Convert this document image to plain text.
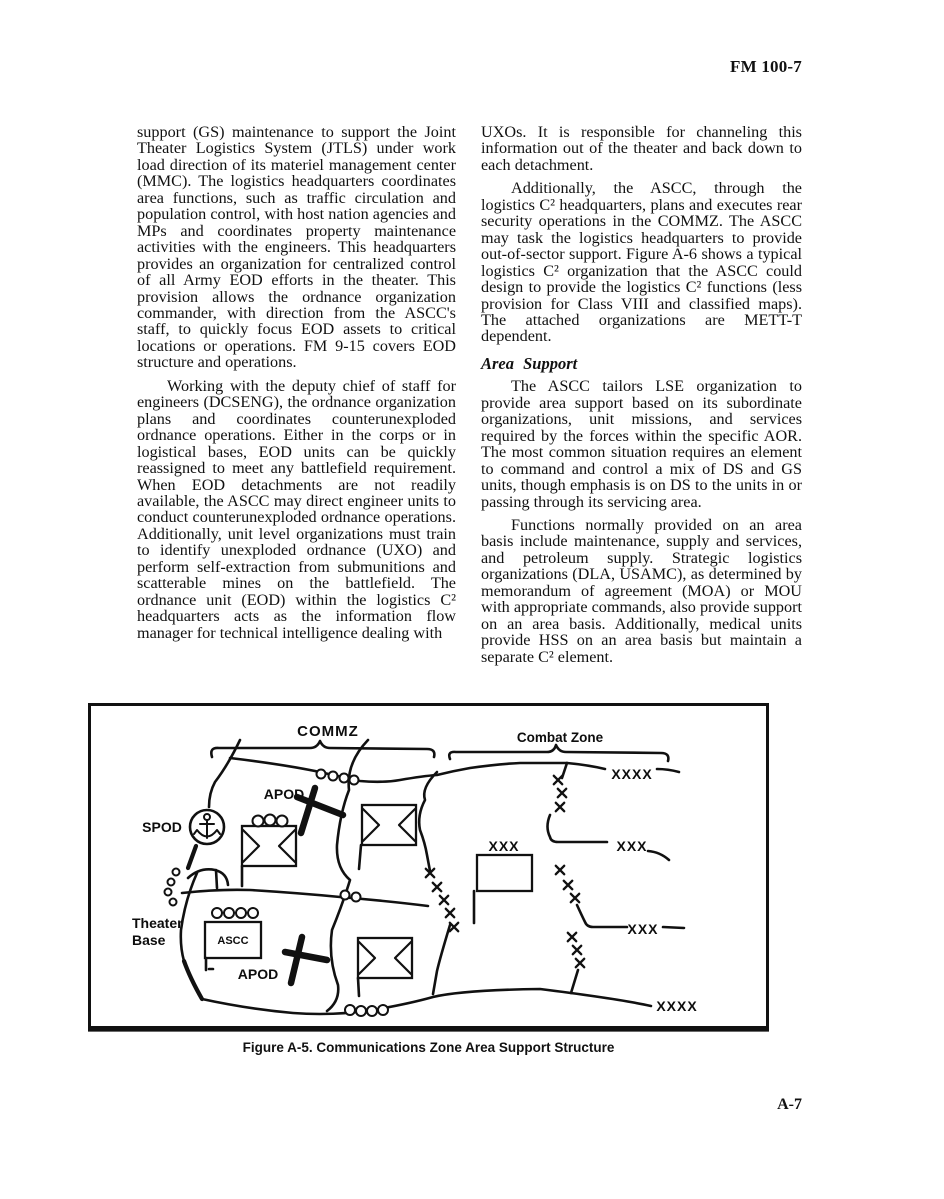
FM 100-7

support (GS) maintenance to support the Joint Theater Logistics System (JTLS) under work load direction of its materiel management center (MMC). The logistics headquarters coordinates area functions, such as traffic circulation and population control, with host nation agencies and MPs and coordinates property maintenance activities with the engineers. This headquarters provides an organization for centralized control of all Army EOD efforts in the theater. This provision allows the ordnance organization commander, with direction from the ASCC's staff, to quickly focus EOD assets to critical locations or operations. FM 9-15 covers EOD structure and operations.

Working with the deputy chief of staff for engineers (DCSENG), the ordnance organization plans and coordinates counterunexploded ordnance operations. Either in the corps or in logistical bases, EOD units can be quickly reassigned to meet any battlefield requirement. When EOD detachments are not readily available, the ASCC may direct engineer units to conduct counterunexploded ordnance operations. Additionally, unit level organizations must train to identify unexploded ordnance (UXO) and perform self-extraction from submunitions and scatterable mines on the battlefield. The ordnance unit (EOD) within the logistics C² headquarters acts as the information flow manager for technical intelligence dealing with

UXOs. It is responsible for channeling this information out of the theater and back down to each detachment.

Additionally, the ASCC, through the logistics C² headquarters, plans and executes rear security operations in the COMMZ. The ASCC may task the logistics headquarters to provide out-of-sector support. Figure A-6 shows a typical logistics C² organization that the ASCC could design to provide the logistics C² functions (less provision for Class VIII and classified maps). The attached organizations are METT-T dependent.

Area Support

The ASCC tailors LSE organization to provide area support based on its subordinate organizations, unit missions, and services required by the forces within the specific AOR. The most common situation requires an element to command and control a mix of DS and GS units, though emphasis is on DS to the units in or passing through its servicing area.

Functions normally provided on an area basis include maintenance, supply and services, and petroleum supply. Strategic logistics organizations (DLA, USAMC), as determined by memorandum of agreement (MOA) or MOU with appropriate commands, also provide support on an area basis. Additionally, medical units provide HSS on an area basis but maintain a separate C² element.

COMMZ	Combat Zone
SPOD
APOD
APOD
Theater
Base	ASCC
XXXX
XXX
XXX
XXX
XXXX
Figure A-5. Communications Zone Area Support Structure
A-7
